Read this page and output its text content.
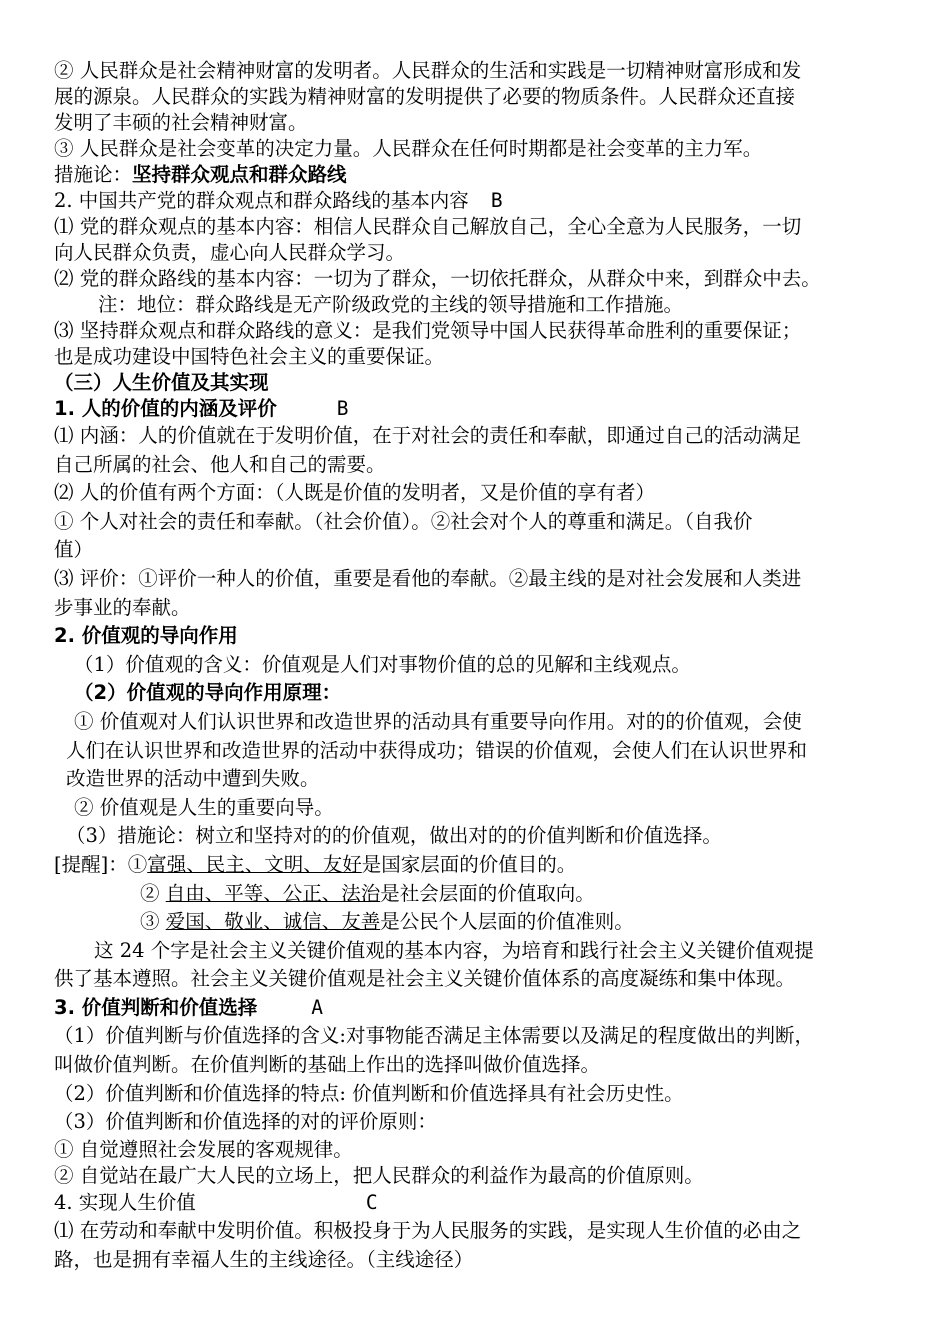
② 人民群众是社会精神财富的发明者。人民群众的生活和实践是一切精神财富形成和发
展的源泉。人民群众的实践为精神财富的发明提供了必要的物质条件。人民群众还直接
发明了丰硕的社会精神财富。
③ 人民群众是社会变革的决定力量。人民群众在任何时期都是社会变革的主力军。
措施论：坚持群众观点和群众路线
2. 中国共产党的群众观点和群众路线的基本内容 B
⑴ 党的群众观点的基本内容：相信人民群众自己解放自己，全心全意为人民服务，一切
向人民群众负责，虚心向人民群众学习。
⑵ 党的群众路线的基本内容：一切为了群众，一切依托群众，从群众中来，到群众中去。
注：地位：群众路线是无产阶级政党的主线的领导措施和工作措施。
⑶ 坚持群众观点和群众路线的意义：是我们党领导中国人民获得革命胜利的重要保证；
也是成功建设中国特色社会主义的重要保证。
（三）人生价值及其实现
1. 人的价值的内涵及评价	B
⑴ 内涵：人的价值就在于发明价值，在于对社会的责任和奉献，即通过自己的活动满足
自己所属的社会、他人和自己的需要。
⑵ 人的价值有两个方面：（人既是价值的发明者，又是价值的享有者）
① 个人对社会的责任和奉献。（社会价值）。②社会对个人的尊重和满足。（自我价
值）
⑶ 评价：①评价一种人的价值，重要是看他的奉献。②最主线的是对社会发展和人类进
步事业的奉献。
2. 价值观的导向作用
（1）价值观的含义：价值观是人们对事物价值的总的见解和主线观点。
（2）价值观的导向作用原理：
① 价值观对人们认识世界和改造世界的活动具有重要导向作用。对的的价值观，会使
人们在认识世界和改造世界的活动中获得成功；错误的价值观，会使人们在认识世界和
改造世界的活动中遭到失败。
② 价值观是人生的重要向导。
（3）措施论：树立和坚持对的的价值观，做出对的的价值判断和价值选择。
[提醒]：①富强、民主、文明、友好是国家层面的价值目的。
② 自由、平等、公正、法治是社会层面的价值取向。
③ 爱国、敬业、诚信、友善是公民个人层面的价值准则。
这 24 个字是社会主义关键价值观的基本内容，为培育和践行社会主义关键价值观提
供了基本遵照。社会主义关键价值观是社会主义关键价值体系的高度凝练和集中体现。
3. 价值判断和价值选择	A
（1）价值判断与价值选择的含义:对事物能否满足主体需要以及满足的程度做出的判断，
叫做价值判断。在价值判断的基础上作出的选择叫做价值选择。
（2）价值判断和价值选择的特点: 价值判断和价值选择具有社会历史性。
（3）价值判断和价值选择的对的评价原则：
① 自觉遵照社会发展的客观规律。
② 自觉站在最广大人民的立场上，把人民群众的利益作为最高的价值原则。
4. 实现人生价值	C
⑴ 在劳动和奉献中发明价值。积极投身于为人民服务的实践，是实现人生价值的必由之
路，也是拥有幸福人生的主线途径。（主线途径）
